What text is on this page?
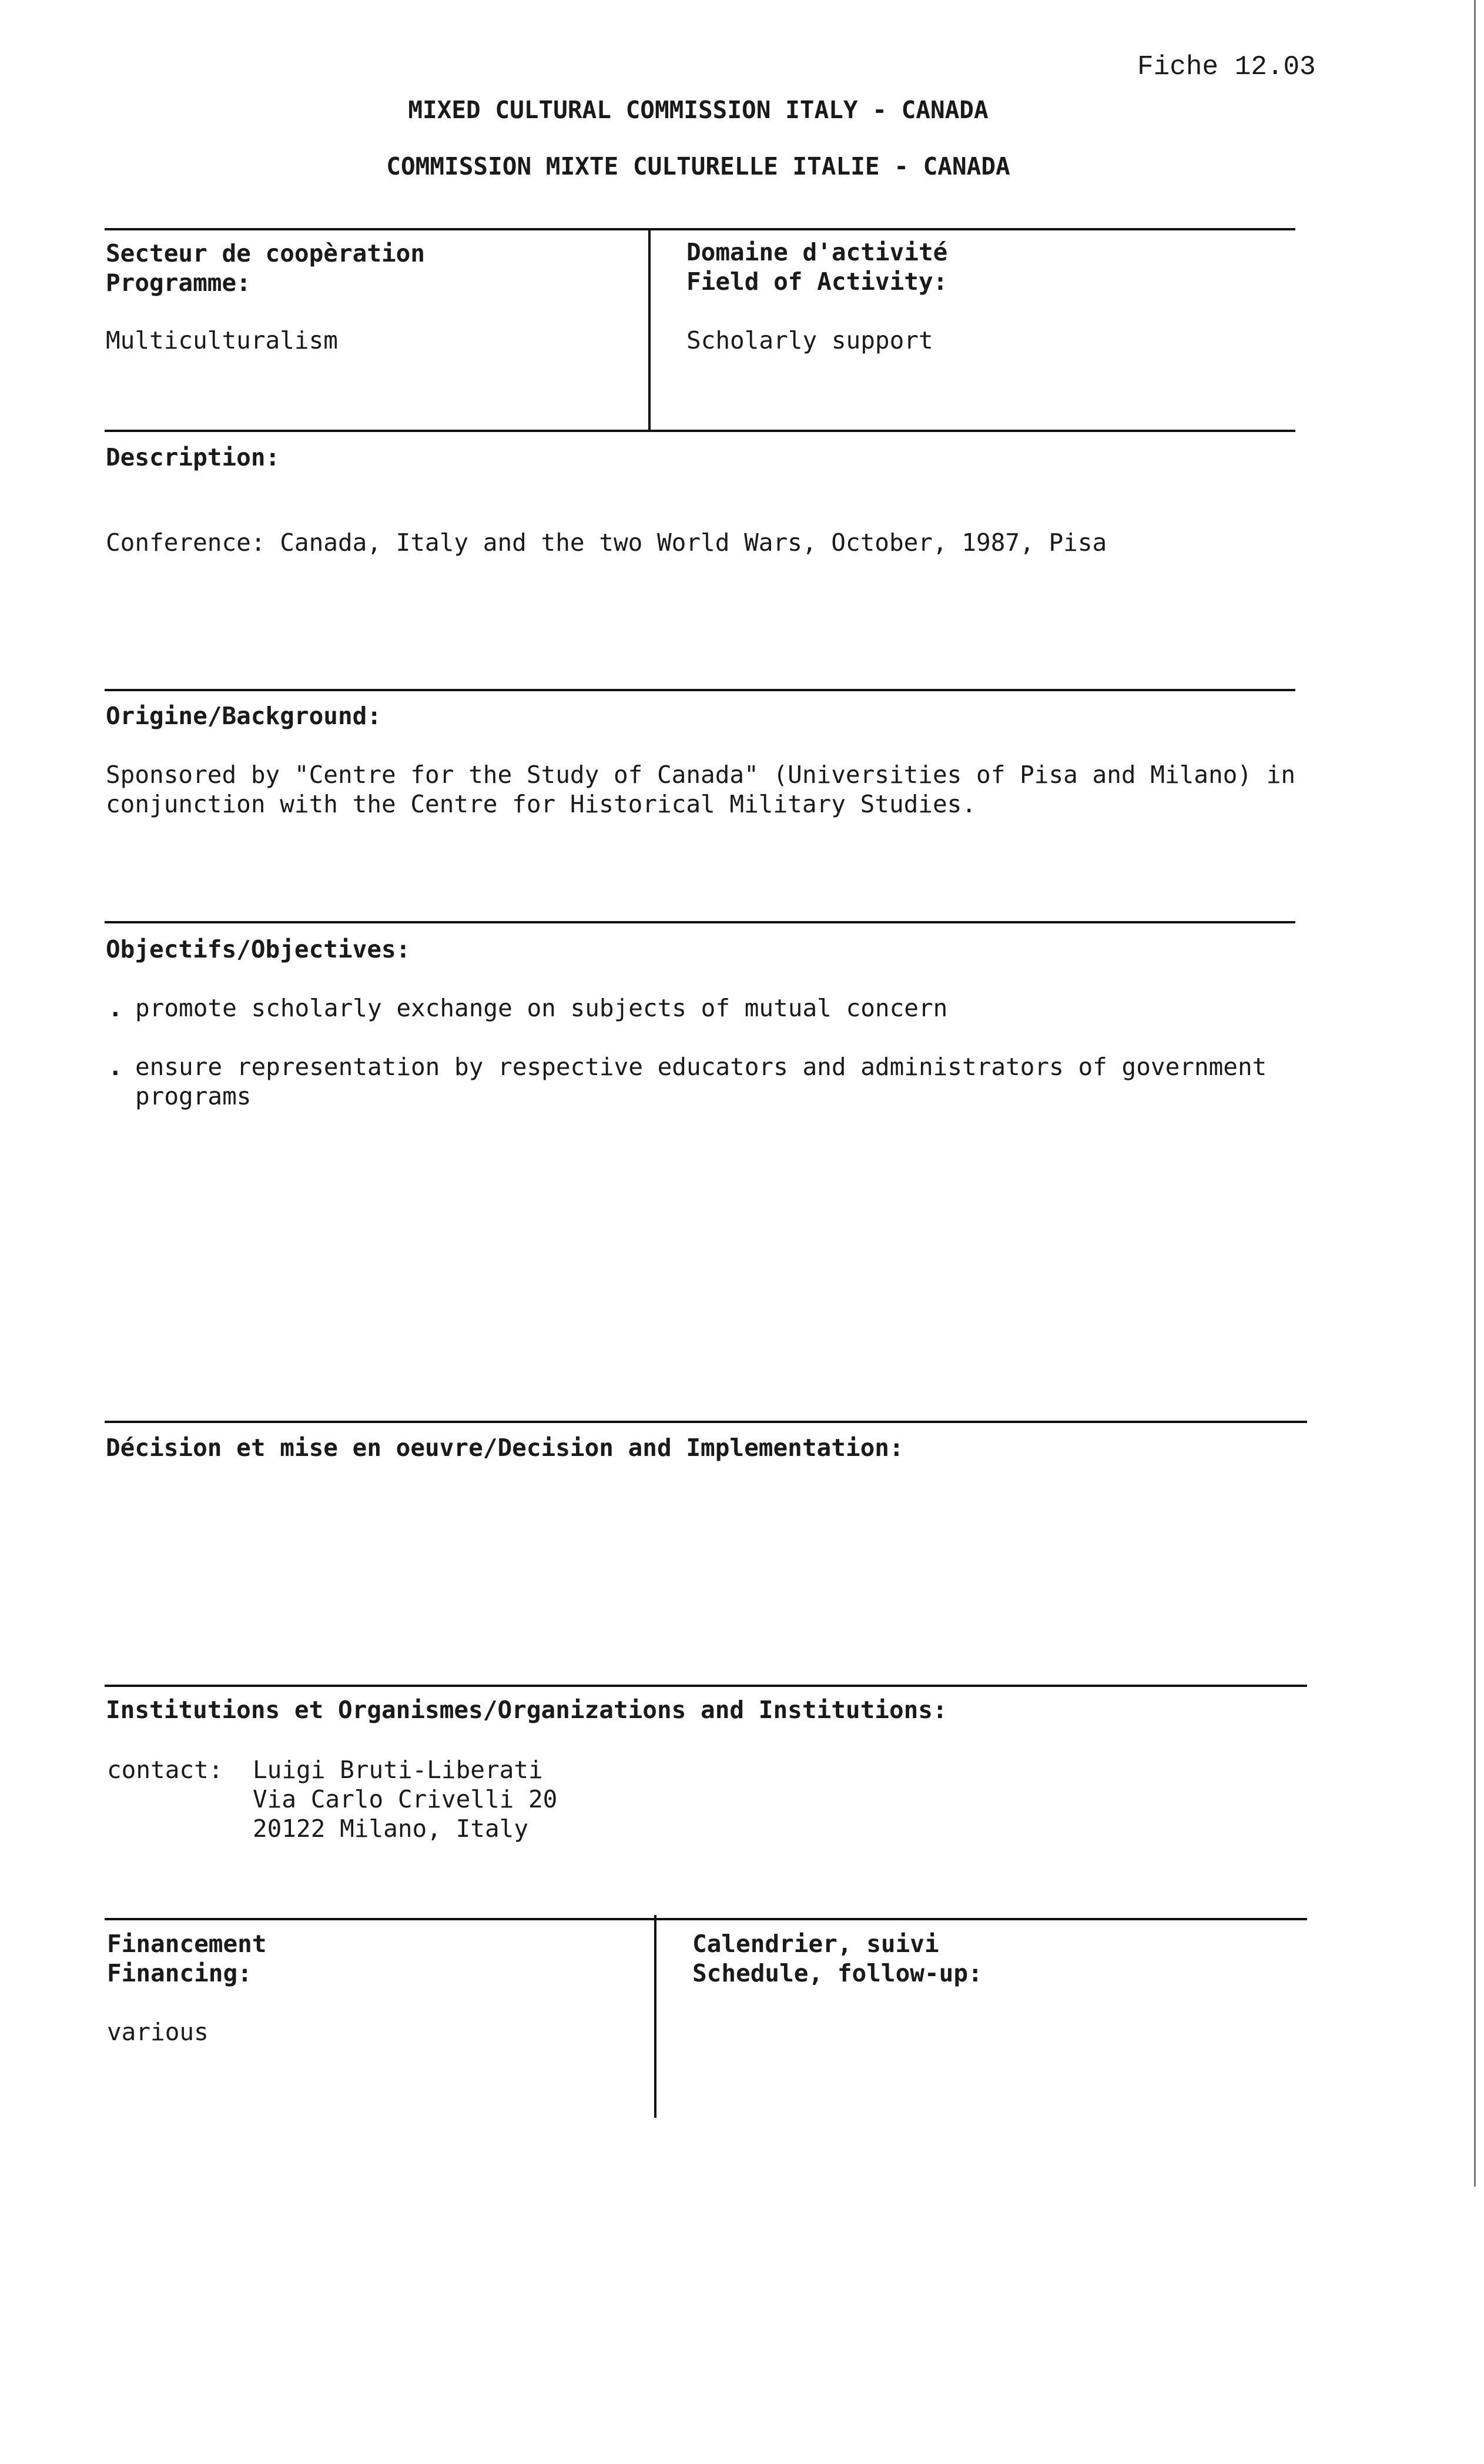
Fiche 12.03
MIXED CULTURAL COMMISSION ITALY - CANADA
COMMISSION MIXTE CULTURELLE ITALIE - CANADA
Secteur de coopèration
Programme:
Multiculturalism
Domaine d'activité
Field of Activity:
Scholarly support
Description:
Conference: Canada, Italy and the two World Wars, October, 1987, Pisa
Origine/Background:
Sponsored by "Centre for the Study of Canada" (Universities of Pisa and Milano) in
conjunction with the Centre for Historical Military Studies.
Objectifs/Objectives:
. promote scholarly exchange on subjects of mutual concern
. ensure representation by respective educators and administrators of government
programs
Décision et mise en oeuvre/Decision and Implementation:
Institutions et Organismes/Organizations and Institutions:
contact: Luigi Bruti-Liberati
Via Carlo Crivelli 20
20122 Milano, Italy
Financement
Financing:
various
Calendrier, suivi
Schedule, follow-up:
